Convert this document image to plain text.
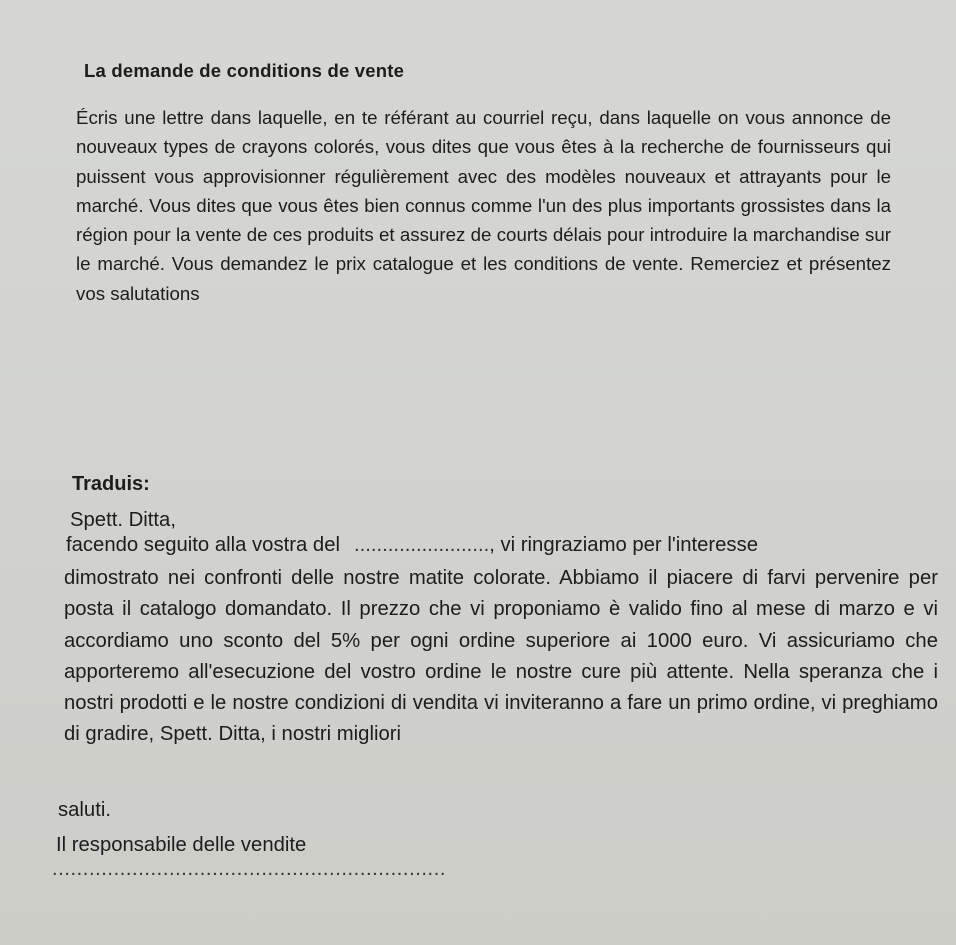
La demande de conditions de vente
Écris une lettre dans laquelle, en te référant au courriel reçu, dans laquelle on vous annonce de nouveaux types de crayons colorés, vous dites que vous êtes à la recherche de fournisseurs qui puissent vous approvisionner régulièrement avec des modèles nouveaux et attrayants pour le marché. Vous dites que vous êtes bien connus comme l'un des plus importants grossistes dans la région pour la vente de ces produits et assurez de courts délais pour introduire la marchandise sur le marché. Vous demandez le prix catalogue et les conditions de vente. Remerciez et présentez vos salutations
Traduis:
Spett. Ditta,
facendo seguito alla vostra del ........................ , vi ringraziamo per l'interesse
dimostrato nei confronti delle nostre matite colorate. Abbiamo il piacere di farvi pervenire per posta il catalogo domandato. Il prezzo che vi proponiamo è valido fino al mese di marzo e vi accordiamo uno sconto del 5% per ogni ordine superiore ai 1000 euro. Vi assicuriamo che apporteremo all'esecuzione del vostro ordine le nostre cure più attente. Nella speranza che i nostri prodotti e le nostre condizioni di vendita vi inviteranno a fare un primo ordine, vi preghiamo di gradire, Spett. Ditta, i nostri migliori
saluti.
Il responsabile delle vendite
................................................................
